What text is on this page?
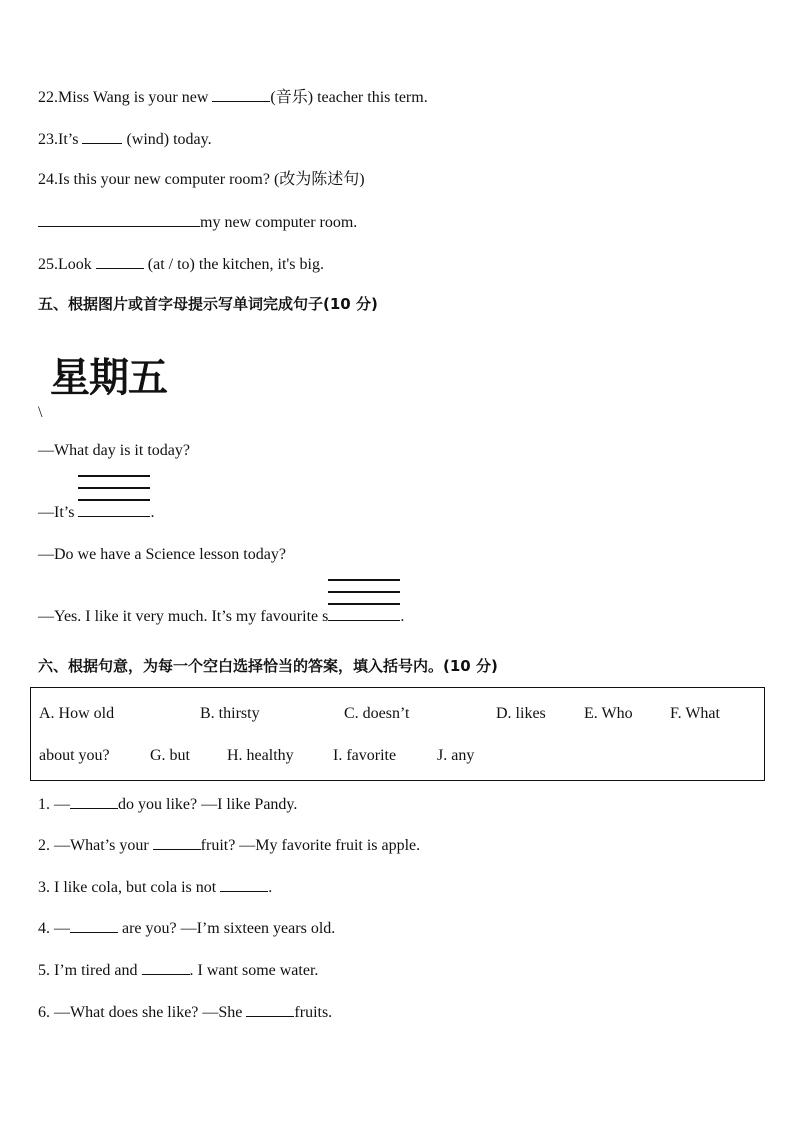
22.Miss Wang is your new	(音乐) teacher this term.
23.It’s	(wind) today.
24.Is this your new computer room? (改为陈述句)
my new computer room.
25.Look	(at / to) the kitchen, it's big.
五、根据图片或首字母提示写单词完成句子(10 分)
星期五
\
—What day is it today?
—It’s	.
—Do we have a Science lesson today?
—Yes. I like it very much. It’s my favourite s	.
六、根据句意，为每一个空白选择恰当的答案，填入括号内。(10 分)
A. How old	B. thirsty	C. doesn’t	D. likes E. Who F. What
about you?	G. but H. healthy I. favorite	J. any
1. —	do you like? —I like Pandy.
2. —What’s your	fruit? —My favorite fruit is apple.
3. I like cola, but cola is not	.
4. —	are you? —I’m sixteen years old.
5. I’m tired and	. I want some water.
6. —What does she like? —She	fruits.
